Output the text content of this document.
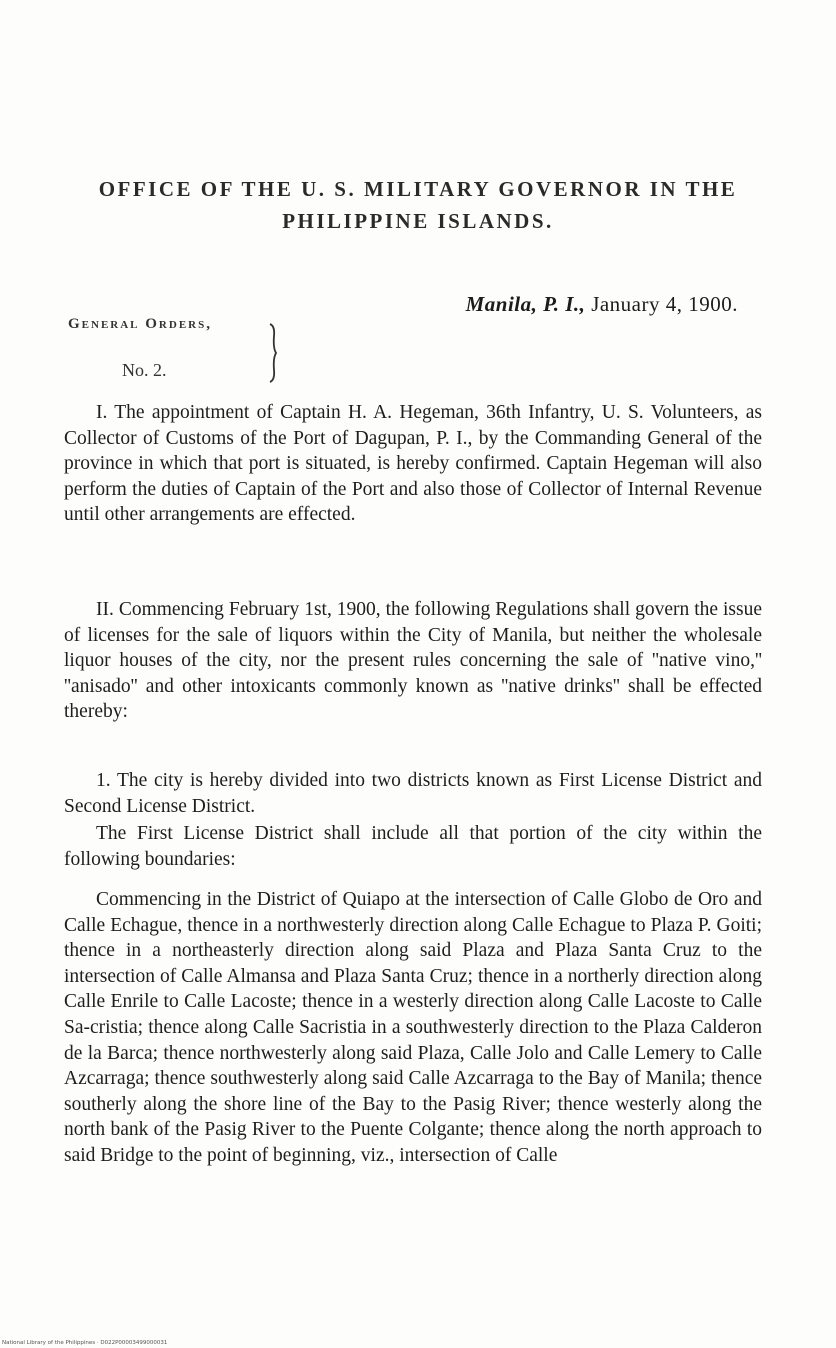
OFFICE OF THE U. S. MILITARY GOVERNOR IN THE
PHILIPPINE ISLANDS.
Manila, P. I., January 4, 1900.
General Orders,
No. 2.

I. The appointment of Captain H. A. Hegeman, 36th Infantry, U. S. Volunteers, as Collector of Customs of the Port of Dagupan, P. I., by the Commanding General of the province in which that port is situated, is hereby confirmed. Captain Hegeman will also perform the duties of Captain of the Port and also those of Collector of Internal Revenue until other arrangements are effected.

II. Commencing February 1st, 1900, the following Regulations shall govern the issue of licenses for the sale of liquors within the City of Manila, but neither the wholesale liquor houses of the city, nor the present rules concerning the sale of ''native vino,'' ''anisado'' and other intoxicants commonly known as ''native drinks'' shall be effected thereby:

1. The city is hereby divided into two districts known as First License District and Second License District.

The First License District shall include all that portion of the city within the following boundaries:

Commencing in the District of Quiapo at the intersection of Calle Globo de Oro and Calle Echague, thence in a northwesterly direction along Calle Echague to Plaza P. Goiti; thence in a northeasterly direction along said Plaza and Plaza Santa Cruz to the intersection of Calle Almansa and Plaza Santa Cruz; thence in a northerly direction along Calle Enrile to Calle Lacoste; thence in a westerly direction along Calle Lacoste to Calle Sa-cristia; thence along Calle Sacristia in a southwesterly direction to the Plaza Calderon de la Barca; thence northwesterly along said Plaza, Calle Jolo and Calle Lemery to Calle Azcarraga; thence southwesterly along said Calle Azcarraga to the Bay of Manila; thence southerly along the shore line of the Bay to the Pasig River; thence westerly along the north bank of the Pasig River to the Puente Colgante; thence along the north approach to said Bridge to the point of beginning, viz., intersection of Calle

National Library of the Philippines · D022P00003499000031
